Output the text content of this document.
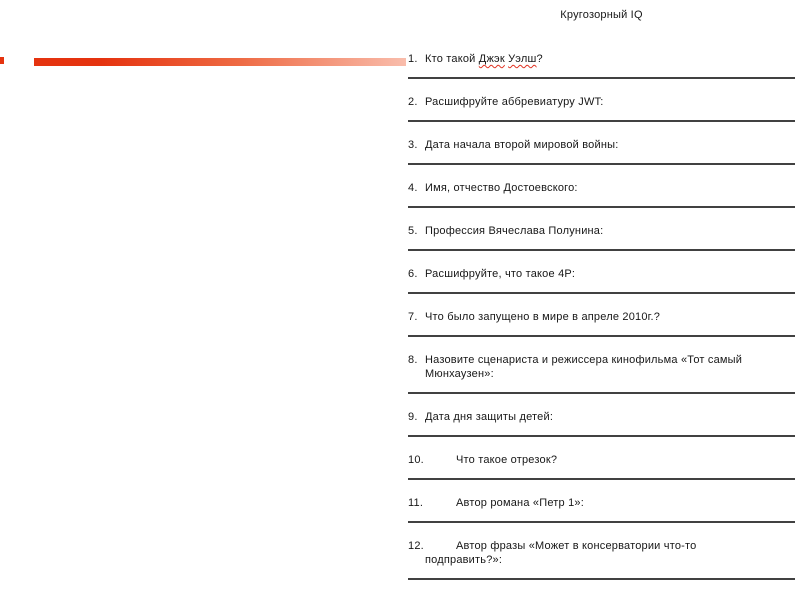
Кругозорный IQ
1. Кто такой Джэк Уэлш?
2. Расшифруйте аббревиатуру JWT:
3. Дата начала второй мировой войны:
4. Имя, отчество Достоевского:
5. Профессия Вячеслава Полунина:
6. Расшифруйте, что такое 4P:
7. Что было запущено в мире в апреле 2010г.?
8. Назовите сценариста и режиссера кинофильма «Тот самый
Мюнхаузен»:
9. Дата дня защиты детей:
10.	Что такое отрезок?
11.	Автор романа «Петр 1»:
12.	Автор фразы «Может в консерватории что-то
подправить?»:
